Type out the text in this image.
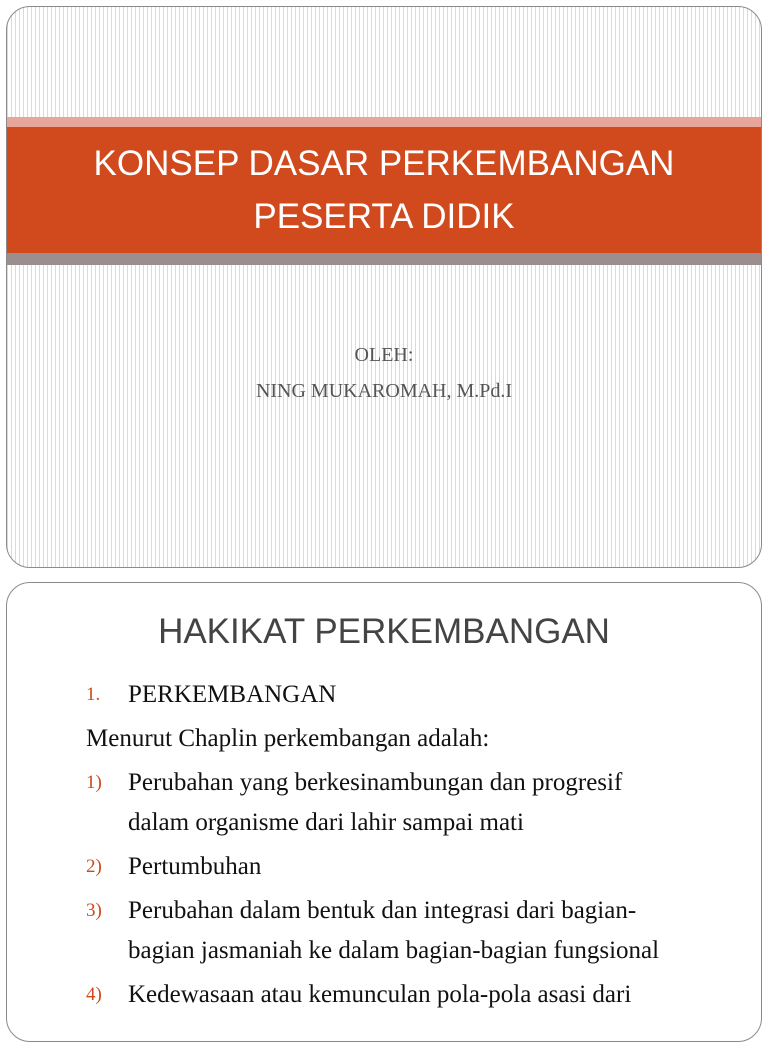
KONSEP DASAR PERKEMBANGAN
PESERTA DIDIK
OLEH:
NING MUKAROMAH, M.Pd.I
HAKIKAT PERKEMBANGAN
1.	PERKEMBANGAN
Menurut Chaplin perkembangan adalah:
1)	Perubahan yang berkesinambungan dan progresif
dalam organisme dari lahir sampai mati
2)	Pertumbuhan
3)	Perubahan dalam bentuk dan integrasi dari bagian-
bagian jasmaniah ke dalam bagian-bagian fungsional
4)	Kedewasaan atau kemunculan pola-pola asasi dari
